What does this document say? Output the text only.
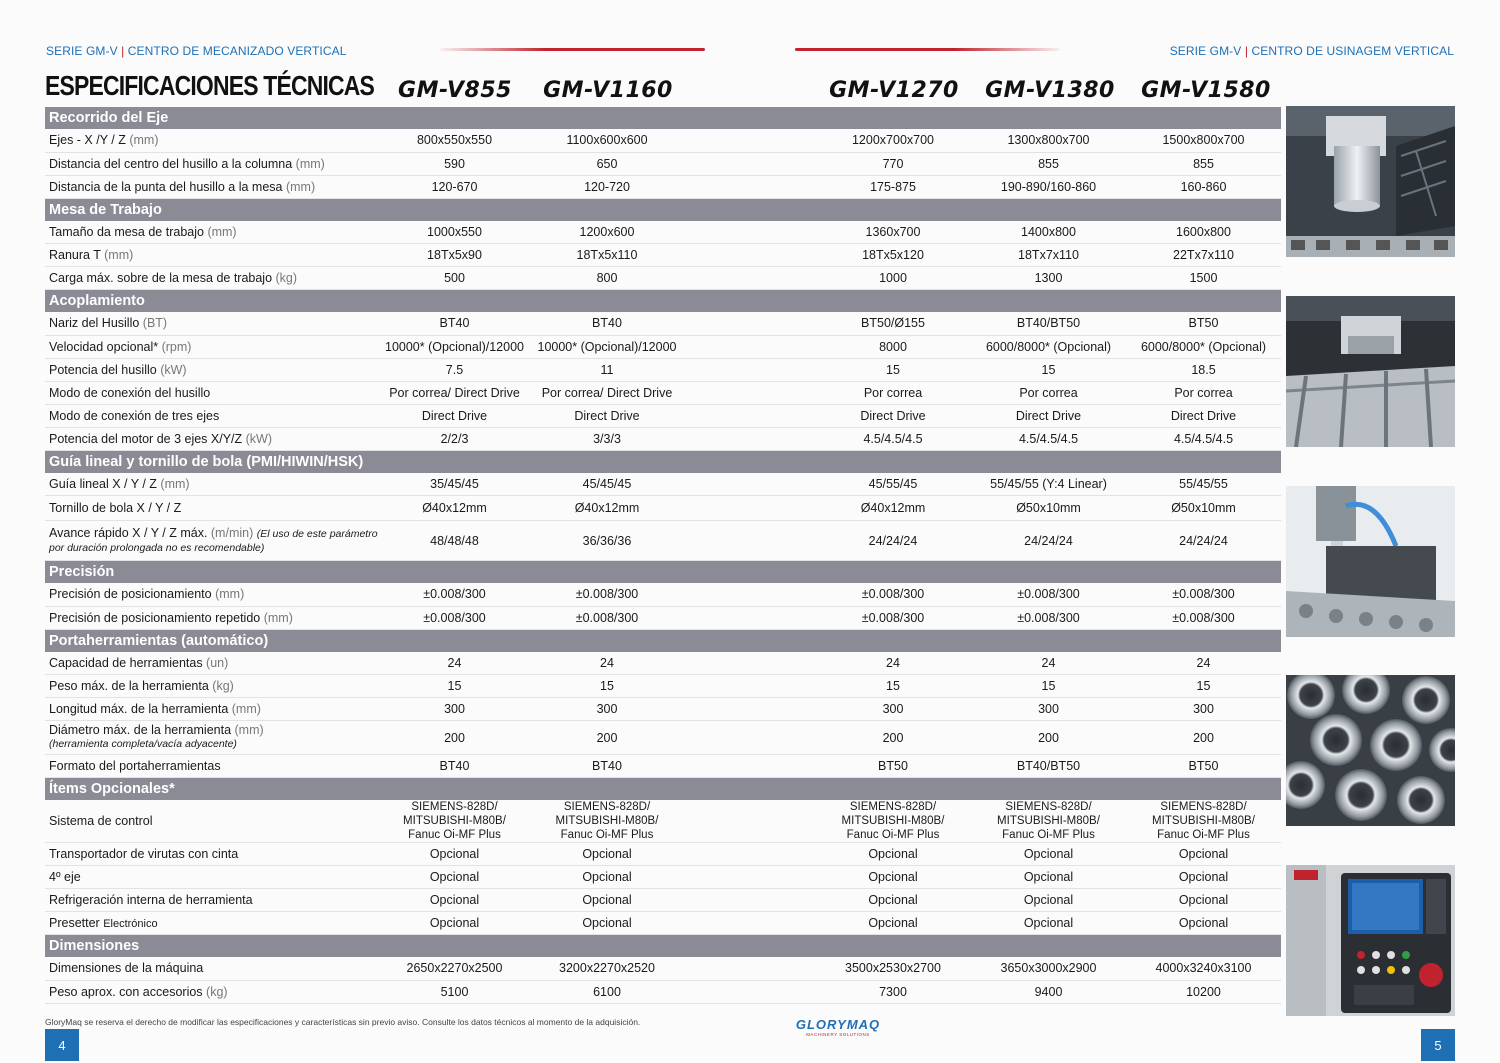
SERIE GM-V | CENTRO DE MECANIZADO VERTICAL	SERIE GM-V | CENTRO DE USINAGEM VERTICAL
ESPECIFICACIONES TÉCNICAS	GM-V855	GM-V1160	GM-V1270	GM-V1380	GM-V1580
Recorrido del Eje						
Ejes - X /Y / Z (mm)	800x550x550	1100x600x600		1200x700x700	1300x800x700	1500x800x700
Distancia del centro del husillo a la columna (mm)	590	650		770	855	855
Distancia de la punta del husillo a la mesa (mm)	120-670	120-720		175-875	190-890/160-860	160-860
Mesa de Trabajo						
Tamaño da mesa de trabajo (mm)	1000x550	1200x600		1360x700	1400x800	1600x800
Ranura T (mm)	18Tx5x90	18Tx5x110		18Tx5x120	18Tx7x110	22Tx7x110
Carga máx. sobre de la mesa de trabajo (kg)	500	800		1000	1300	1500
Acoplamiento						
Nariz del Husillo (BT)	BT40	BT40		BT50/Ø155	BT40/BT50	BT50
Velocidad opcional* (rpm)	10000* (Opcional)/12000	10000* (Opcional)/12000		8000	6000/8000* (Opcional)	6000/8000* (Opcional)
Potencia del husillo (kW)	7.5	11		15	15	18.5
Modo de conexión del husillo	Por correa/ Direct Drive	Por correa/ Direct Drive		Por correa	Por correa	Por correa
Modo de conexión de tres ejes	Direct Drive	Direct Drive		Direct Drive	Direct Drive	Direct Drive
Potencia del motor de 3 ejes X/Y/Z (kW)	2/2/3	3/3/3		4.5/4.5/4.5	4.5/4.5/4.5	4.5/4.5/4.5
Guía lineal y tornillo de bola (PMI/HIWIN/HSK)						
Guía lineal X / Y / Z (mm)	35/45/45	45/45/45		45/55/45	55/45/55 (Y:4 Linear)	55/45/55
Tornillo de bola X / Y / Z	Ø40x12mm	Ø40x12mm		Ø40x12mm	Ø50x10mm	Ø50x10mm
Avance rápido X / Y / Z máx. (m/min) (El uso de este parámetro por duración prolongada no es recomendable)	48/48/48	36/36/36		24/24/24	24/24/24	24/24/24
Precisión						
Precisión de posicionamiento (mm)	±0.008/300	±0.008/300		±0.008/300	±0.008/300	±0.008/300
Precisión de posicionamiento repetido (mm)	±0.008/300	±0.008/300		±0.008/300	±0.008/300	±0.008/300
Portaherramientas (automático)						
Capacidad de herramientas (un)	24	24		24	24	24
Peso máx. de la herramienta (kg)	15	15		15	15	15
Longitud máx. de la herramienta (mm)	300	300		300	300	300
Diámetro máx. de la herramienta (mm)
(herramienta completa/vacía adyacente)	200	200		200	200	200
Formato del portaherramientas	BT40	BT40		BT50	BT40/BT50	BT50
Ítems Opcionales*						
Sistema de control	SIEMENS-828D/
MITSUBISHI-M80B/
Fanuc Oi-MF Plus	SIEMENS-828D/
MITSUBISHI-M80B/
Fanuc Oi-MF Plus		SIEMENS-828D/
MITSUBISHI-M80B/
Fanuc Oi-MF Plus	SIEMENS-828D/
MITSUBISHI-M80B/
Fanuc Oi-MF Plus	SIEMENS-828D/
MITSUBISHI-M80B/
Fanuc Oi-MF Plus
Transportador de virutas con cinta	Opcional	Opcional		Opcional	Opcional	Opcional
4º eje	Opcional	Opcional		Opcional	Opcional	Opcional
Refrigeración interna de herramienta	Opcional	Opcional		Opcional	Opcional	Opcional
Presetter Electrónico	Opcional	Opcional		Opcional	Opcional	Opcional
Dimensiones						
Dimensiones de la máquina	2650x2270x2500	3200x2270x2520		3500x2530x2700	3650x3000x2900	4000x3240x3100
Peso aprox. con accesorios (kg)	5100	6100		7300	9400	10200
GloryMaq se reserva el derecho de modificar las especificaciones y características sin previo aviso. Consulte los datos técnicos al momento de la adquisición.	GLORYMAQ
MACHINERY SOLUTIONS
4	5
